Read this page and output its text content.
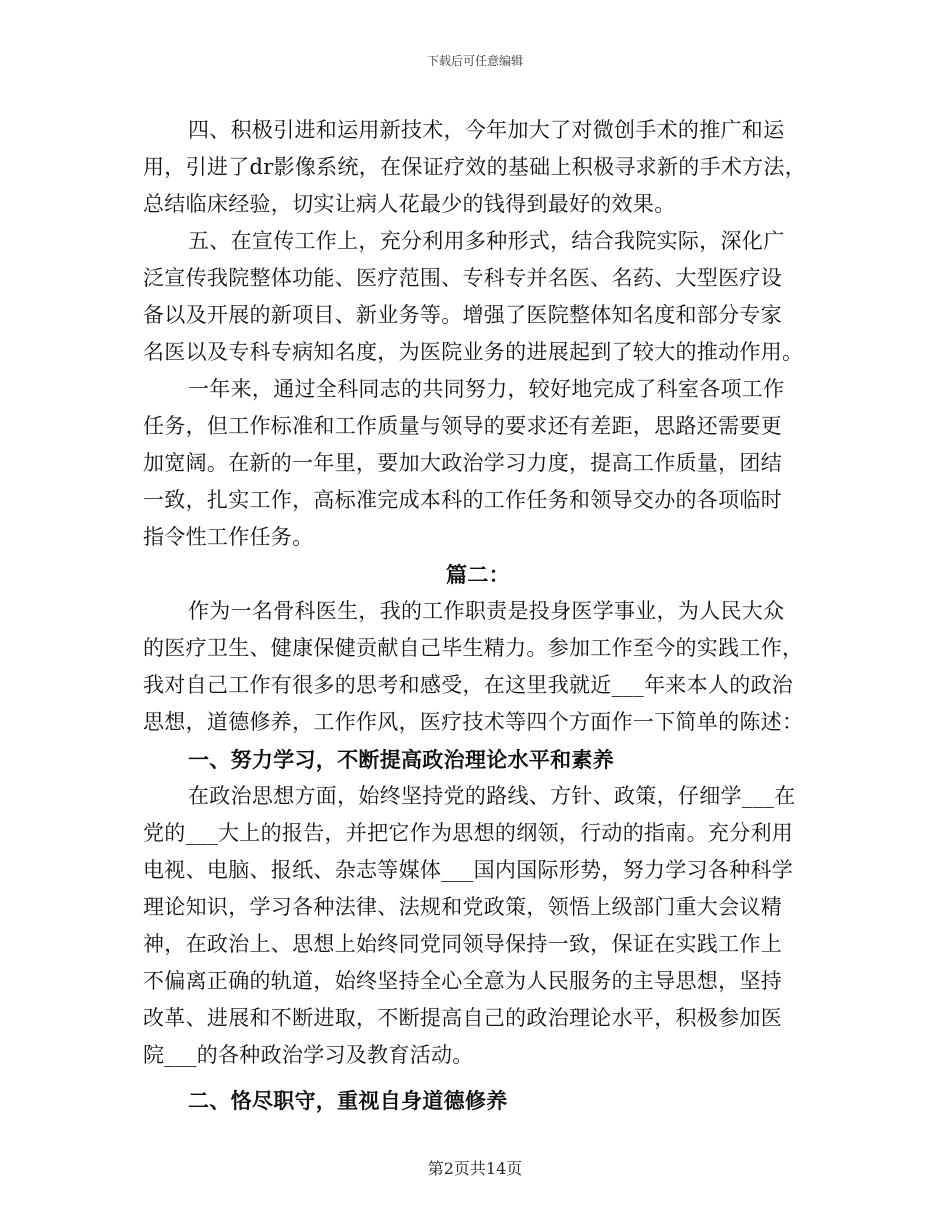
下载后可任意编辑
四、积极引进和运用新技术，今年加大了对微创手术的推广和运
用，引进了dr影像系统，在保证疗效的基础上积极寻求新的手术方法，
总结临床经验，切实让病人花最少的钱得到最好的效果。
五、在宣传工作上，充分利用多种形式，结合我院实际，深化广
泛宣传我院整体功能、医疗范围、专科专并名医、名药、大型医疗设
备以及开展的新项目、新业务等。增强了医院整体知名度和部分专家
名医以及专科专病知名度，为医院业务的进展起到了较大的推动作用。
一年来，通过全科同志的共同努力，较好地完成了科室各项工作
任务，但工作标准和工作质量与领导的要求还有差距，思路还需要更
加宽阔。在新的一年里，要加大政治学习力度，提高工作质量，团结
一致，扎实工作，高标准完成本科的工作任务和领导交办的各项临时
指令性工作任务。
篇二：
作为一名骨科医生，我的工作职责是投身医学事业，为人民大众
的医疗卫生、健康保健贡献自己毕生精力。参加工作至今的实践工作，
我对自己工作有很多的思考和感受，在这里我就近___年来本人的政治
思想，道德修养，工作作风，医疗技术等四个方面作一下简单的陈述：
一、努力学习，不断提高政治理论水平和素养
在政治思想方面，始终坚持党的路线、方针、政策，仔细学___在
党的___大上的报告，并把它作为思想的纲领，行动的指南。充分利用
电视、电脑、报纸、杂志等媒体___国内国际形势，努力学习各种科学
理论知识，学习各种法律、法规和党政策，领悟上级部门重大会议精
神，在政治上、思想上始终同党同领导保持一致，保证在实践工作上
不偏离正确的轨道，始终坚持全心全意为人民服务的主导思想，坚持
改革、进展和不断进取，不断提高自己的政治理论水平，积极参加医
院___的各种政治学习及教育活动。
二、恪尽职守，重视自身道德修养
第2页共14页
